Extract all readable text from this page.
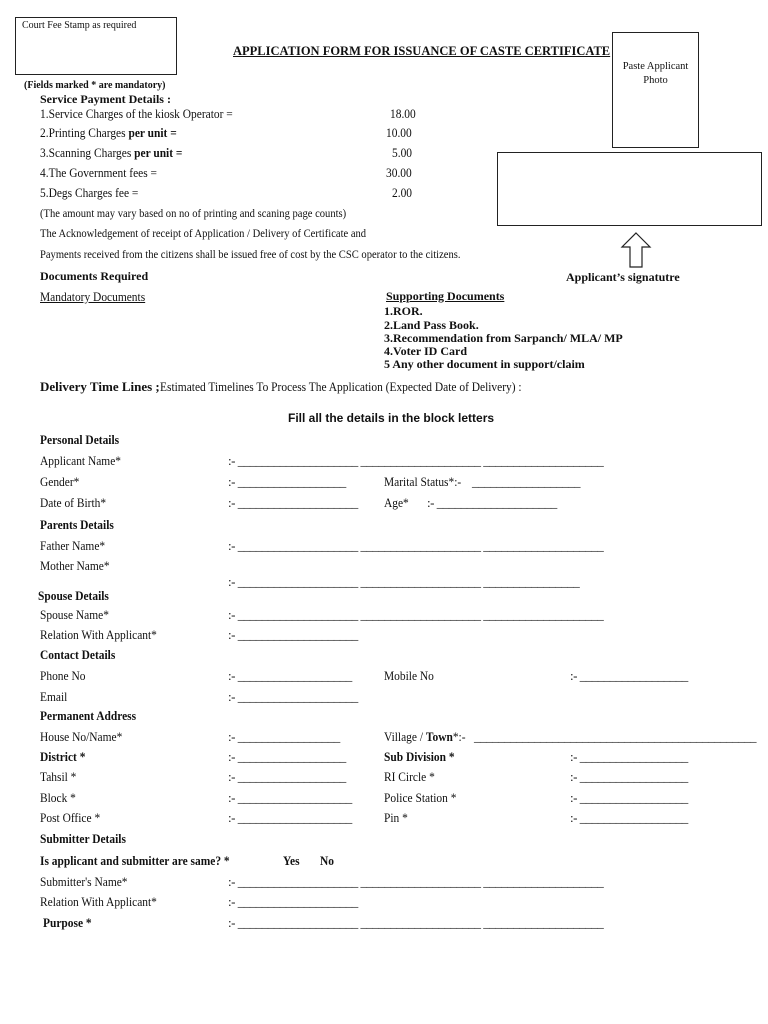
Court Fee Stamp as required
APPLICATION FORM FOR ISSUANCE OF CASTE CERTIFICATE
Paste Applicant Photo
Applicant’s signatutre
(Fields marked * are mandatory)
Service Payment Details :
1.Service Charges of the kiosk Operator =	18.00
2.Printing Charges per unit =	10.00
3.Scanning Charges per unit =	5.00
4.The Government fees =	30.00
5.Degs Charges fee =	2.00
(The amount may vary based on no of printing and scaning page counts)
The Acknowledgement of receipt of Application / Delivery of Certificate and
Payments received from the citizens shall be issued free of cost by the CSC operator to the citizens.
Documents Required
Mandatory Documents	Supporting Documents
1.ROR.
2.Land Pass Book.
3.Recommendation from Sarpanch/ MLA/ MP
4.Voter ID Card
5 Any other document in support/claim
Delivery Time Lines ;Estimated Timelines To Process The Application (Expected Date of Delivery) :
Fill all the details in the block letters
Personal Details
Applicant Name*	:- ____________________ ____________________ ____________________
Gender*	:- __________________	Marital Status*:- __________________
Date of Birth*	:- ____________________ Age* :- ____________________
Parents Details
Father Name*	:- ____________________ ____________________ ____________________
Mother Name*
:- ____________________ ____________________ ________________
Spouse Details
Spouse Name*	:- ____________________ ____________________ ____________________
Relation With Applicant*	:- ____________________
Contact Details
Phone No	:- ___________________ Mobile No	:- __________________
Email	:- ____________________
Permanent Address
House No/Name*	:- _________________	Village / Town*:- _______________________________________________
District *	:- __________________	Sub Division *	:- __________________
Tahsil *	:- __________________	RI Circle *	:- __________________
Block *	:- ___________________ Police Station *	:- __________________
Post Office *	:- ___________________ Pin *	:- __________________
Submitter Details
Is applicant and submitter are same? *	Yes No
Submitter's Name*	:- ____________________ ____________________ ____________________
Relation With Applicant*	:- ____________________
Purpose *	:- ____________________ ____________________ ____________________
